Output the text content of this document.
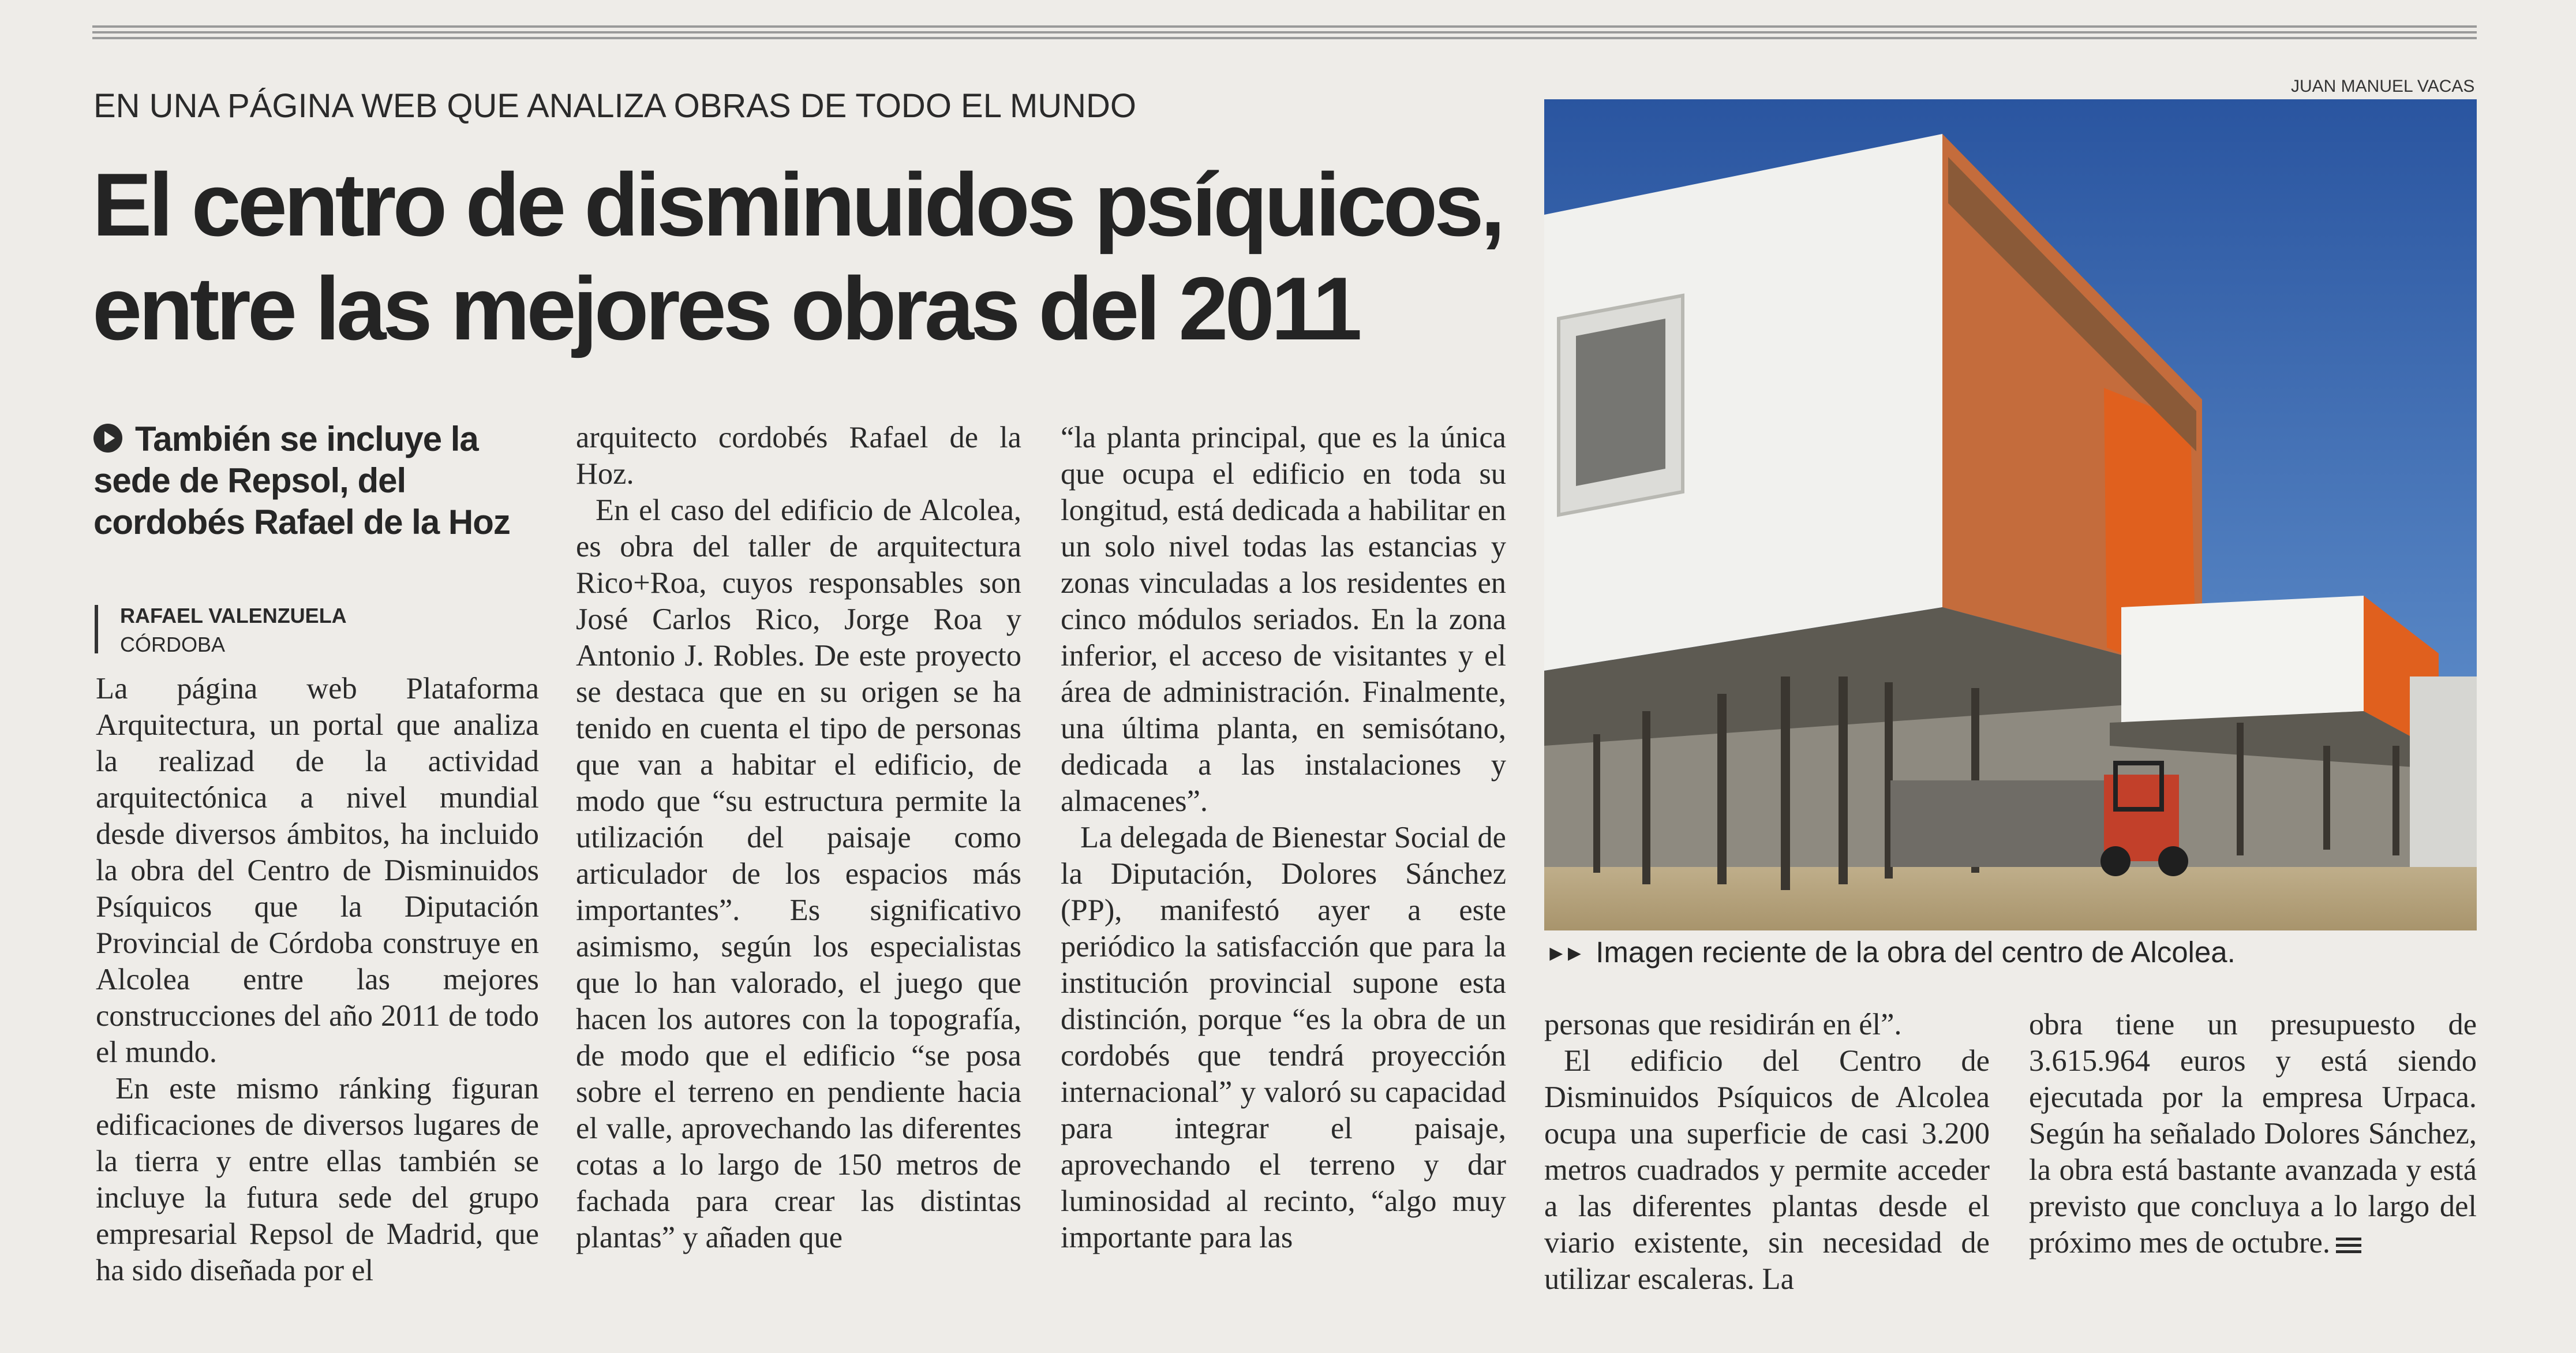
EN UNA PÁGINA WEB QUE ANALIZA OBRAS DE TODO EL MUNDO
El centro de disminuidos psíquicos,
entre las mejores obras del 2011
También se incluye la sede de Repsol, del cordobés Rafael de la Hoz
RAFAEL VALENZUELA
CÓRDOBA

La página web Plataforma Arquitectura, un portal que analiza la realizad de la actividad arquitectónica a nivel mundial desde diversos ámbitos, ha incluido la obra del Centro de Disminuidos Psíquicos que la Diputación Provincial de Córdoba construye en Alcolea entre las mejores construcciones del año 2011 de todo el mundo.

En este mismo ránking figuran edificaciones de diversos lugares de la tierra y entre ellas también se incluye la futura sede del grupo empresarial Repsol de Madrid, que ha sido diseñada por el

arquitecto cordobés Rafael de la Hoz.

En el caso del edificio de Alcolea, es obra del taller de arquitectura Rico+Roa, cuyos responsables son José Carlos Rico, Jorge Roa y Antonio J. Robles. De este proyecto se destaca que en su origen se ha tenido en cuenta el tipo de personas que van a habitar el edificio, de modo que “su estructura permite la utilización del paisaje como articulador de los espacios más importantes”. Es significativo asimismo, según los especialistas que lo han valorado, el juego que hacen los autores con la topografía, de modo que el edificio “se posa sobre el terreno en pendiente hacia el valle, aprovechando las diferentes cotas a lo largo de 150 metros de fachada para crear las distintas plantas” y añaden que

“la planta principal, que es la única que ocupa el edificio en toda su longitud, está dedicada a habilitar en un solo nivel todas las estancias y zonas vinculadas a los residentes en cinco módulos seriados. En la zona inferior, el acceso de visitantes y el área de administración. Finalmente, una última planta, en semisótano, dedicada a las instalaciones y almacenes”.

La delegada de Bienestar Social de la Diputación, Dolores Sánchez (PP), manifestó ayer a este periódico la satisfacción que para la institución provincial supone esta distinción, porque “es la obra de un cordobés que tendrá proyección internacional” y valoró su capacidad para integrar el paisaje, aprovechando el terreno y dar luminosidad al recinto, “algo muy importante para las

personas que residirán en él”.

El edificio del Centro de Disminuidos Psíquicos de Alcolea ocupa una superficie de casi 3.200 metros cuadrados y permite acceder a las diferentes plantas desde el viario existente, sin necesidad de utilizar escaleras. La

obra tiene un presupuesto de 3.615.964 euros y está siendo ejecutada por la empresa Urpaca. Según ha señalado Dolores Sánchez, la obra está bastante avanzada y está previsto que concluya a lo largo del próximo mes de octubre.

JUAN MANUEL VACAS
►► Imagen reciente de la obra del centro de Alcolea.
